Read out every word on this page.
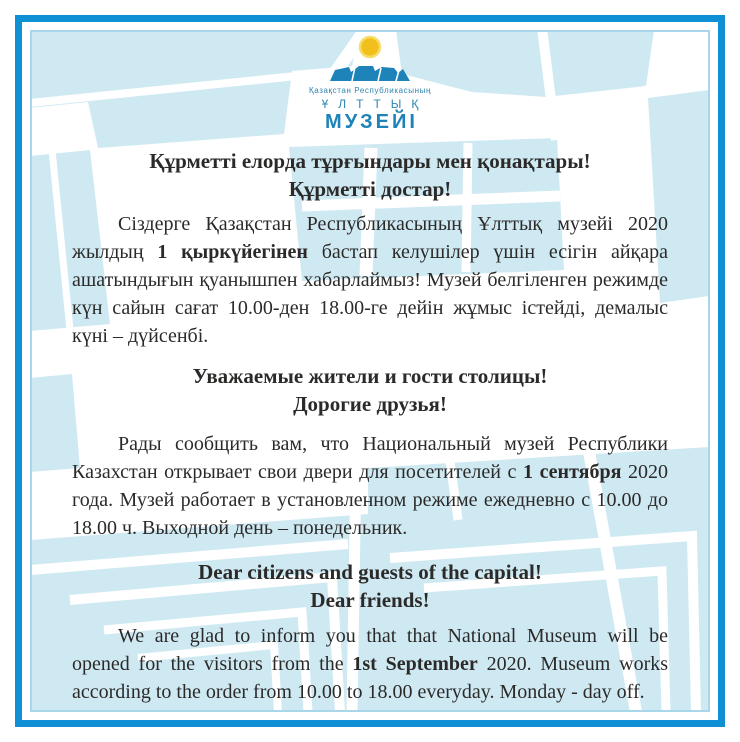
Қазақстан Республикасының
ҰЛТТЫҚ
МУЗЕЙІ
Құрметті елорда тұрғындары мен қонақтары!
Құрметті достар!
Сіздерге Қазақстан Республикасының Ұлттық музейі 2020 жылдың 1 қыркүйегінен бастап келушілер үшін есігін айқара ашатындығын қуанышпен хабарлаймыз! Музей белгіленген режимде күн сайын сағат 10.00-ден 18.00-ге дейін жұмыс істейді, демалыс күні – дүйсенбі.
Уважаемые жители и гости столицы!
Дорогие друзья!
Рады сообщить вам, что Национальный музей Республики Казахстан открывает свои двери для посетителей с 1 сентября 2020 года. Музей работает в установленном режиме ежедневно с 10.00 до 18.00 ч. Выходной день – понедельник.
Dear citizens and guests of the capital!
Dear friends!
We are glad to inform you that that National Museum will be opened for the visitors from the 1st September 2020. Museum works according to the order from 10.00 to 18.00 everyday. Monday - day off.
